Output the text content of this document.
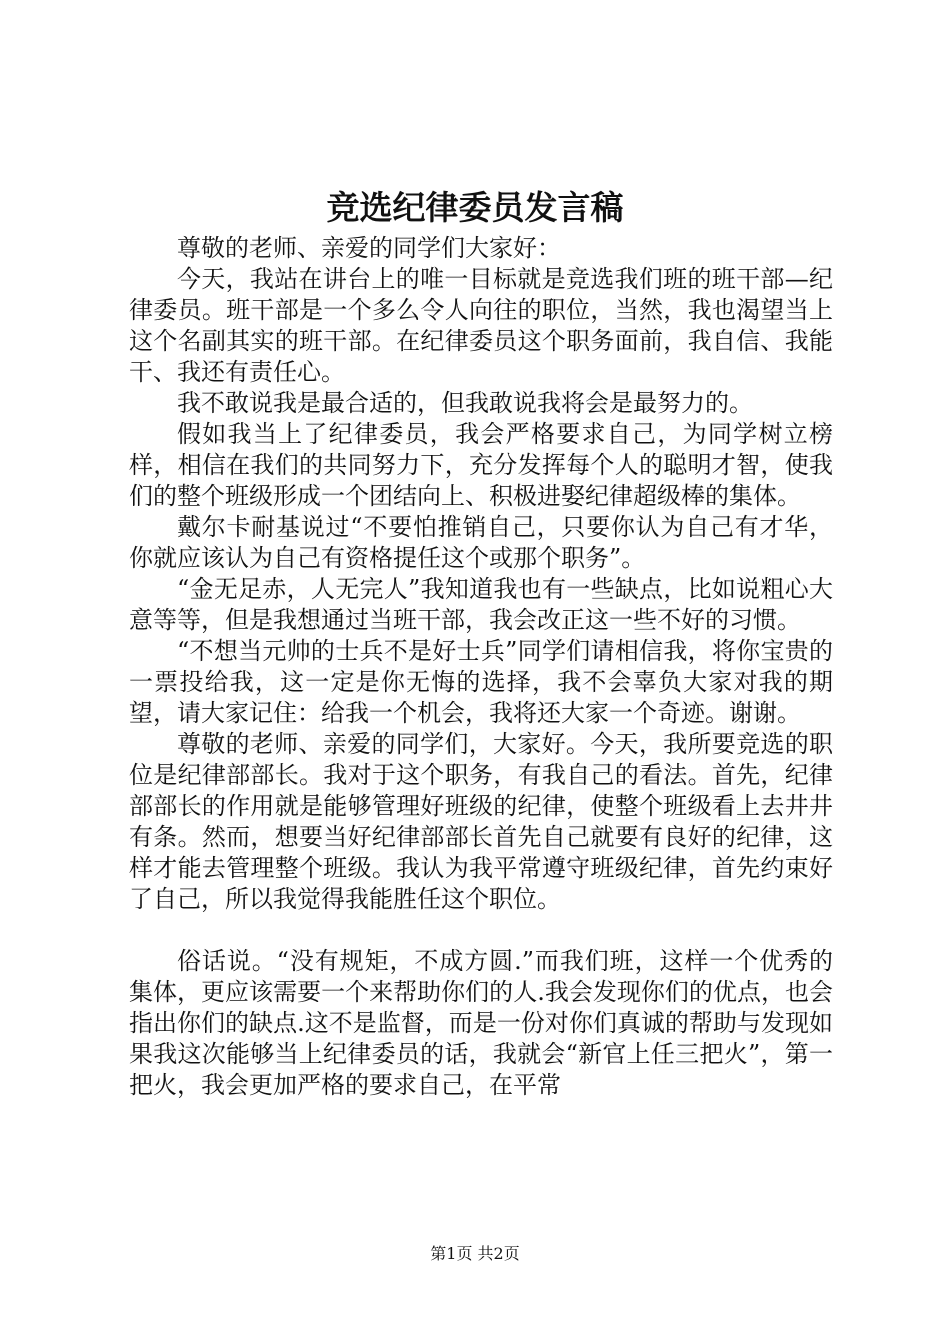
竞选纪律委员发言稿

尊敬的老师、亲爱的同学们大家好：

今天，我站在讲台上的唯一目标就是竞选我们班的班干部—纪律委员。班干部是一个多么令人向往的职位，当然，我也渴望当上这个名副其实的班干部。在纪律委员这个职务面前，我自信、我能干、我还有责任心。

我不敢说我是最合适的，但我敢说我将会是最努力的。

假如我当上了纪律委员，我会严格要求自己，为同学树立榜样，相信在我们的共同努力下，充分发挥每个人的聪明才智，使我们的整个班级形成一个团结向上、积极进娶纪律超级棒的集体。

戴尔卡耐基说过“不要怕推销自己，只要你认为自己有才华，你就应该认为自己有资格提任这个或那个职务”。

“金无足赤，人无完人”我知道我也有一些缺点，比如说粗心大意等等，但是我想通过当班干部，我会改正这一些不好的习惯。

“不想当元帅的士兵不是好士兵”同学们请相信我，将你宝贵的一票投给我，这一定是你无悔的选择，我不会辜负大家对我的期望，请大家记住：给我一个机会，我将还大家一个奇迹。谢谢。

尊敬的老师、亲爱的同学们，大家好。今天，我所要竞选的职位是纪律部部长。我对于这个职务，有我自己的看法。首先，纪律部部长的作用就是能够管理好班级的纪律，使整个班级看上去井井有条。然而，想要当好纪律部部长首先自己就要有良好的纪律，这样才能去管理整个班级。我认为我平常遵守班级纪律，首先约束好了自己，所以我觉得我能胜任这个职位。

俗话说。“没有规矩，不成方圆.”而我们班，这样一个优秀的集体，更应该需要一个来帮助你们的人.我会发现你们的优点，也会指出你们的缺点.这不是监督，而是一份对你们真诚的帮助与发现如果我这次能够当上纪律委员的话，我就会“新官上任三把火”，第一把火，我会更加严格的要求自己，在平常

第1页 共2页
